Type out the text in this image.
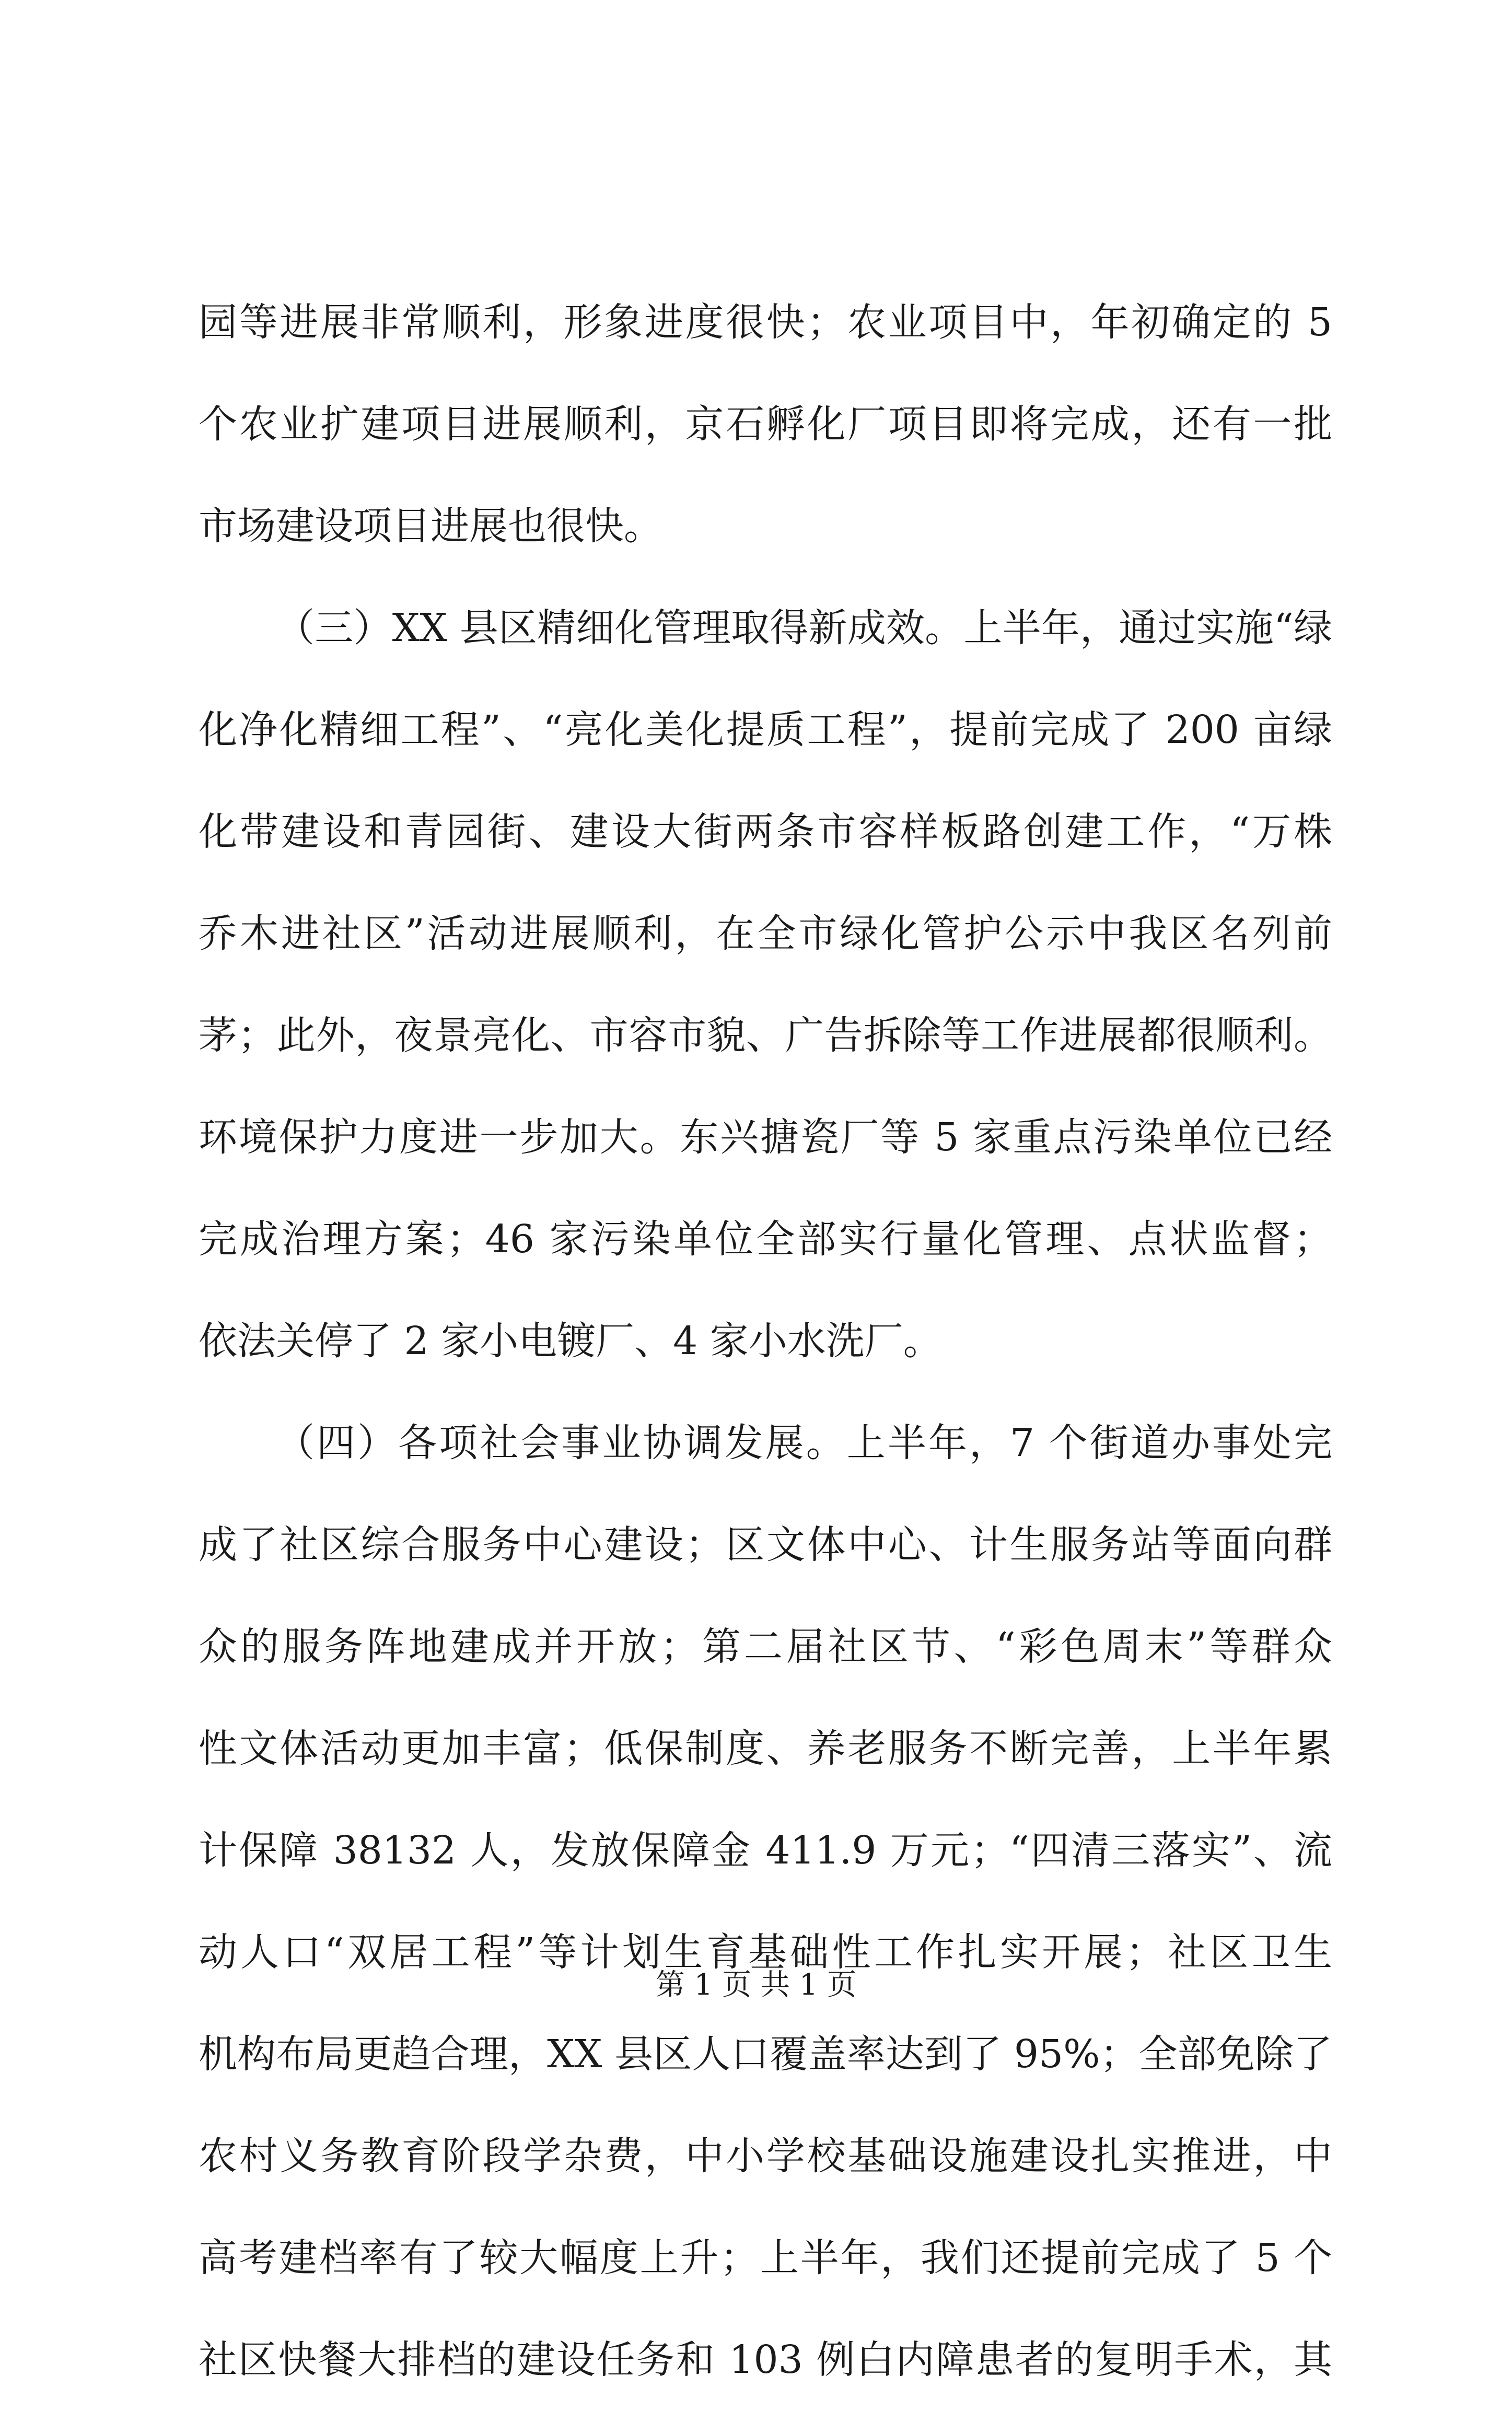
园等进展非常顺利，形象进度很快；农业项目中，年初确定的 5
个农业扩建项目进展顺利，京石孵化厂项目即将完成，还有一批
市场建设项目进展也很快。
（三）XX 县区精细化管理取得新成效。上半年，通过实施“绿
化净化精细工程”、“亮化美化提质工程”，提前完成了 200 亩绿
化带建设和青园街、建设大街两条市容样板路创建工作，“万株
乔木进社区”活动进展顺利，在全市绿化管护公示中我区名列前
茅；此外，夜景亮化、市容市貌、广告拆除等工作进展都很顺利。
环境保护力度进一步加大。东兴搪瓷厂等 5 家重点污染单位已经
完成治理方案；46 家污染单位全部实行量化管理、点状监督；
依法关停了 2 家小电镀厂、4 家小水洗厂。
（四）各项社会事业协调发展。上半年，7 个街道办事处完
成了社区综合服务中心建设；区文体中心、计生服务站等面向群
众的服务阵地建成并开放；第二届社区节、“彩色周末”等群众
性文体活动更加丰富；低保制度、养老服务不断完善，上半年累
计保障 38132 人，发放保障金 411.9 万元；“四清三落实”、流
动人口“双居工程”等计划生育基础性工作扎实开展；社区卫生
机构布局更趋合理，XX 县区人口覆盖率达到了 95%；全部免除了
农村义务教育阶段学杂费，中小学校基础设施建设扎实推进，中
高考建档率有了较大幅度上升；上半年，我们还提前完成了 5 个
社区快餐大排档的建设任务和 103 例白内障患者的复明手术，其
第 1 页 共 1 页
